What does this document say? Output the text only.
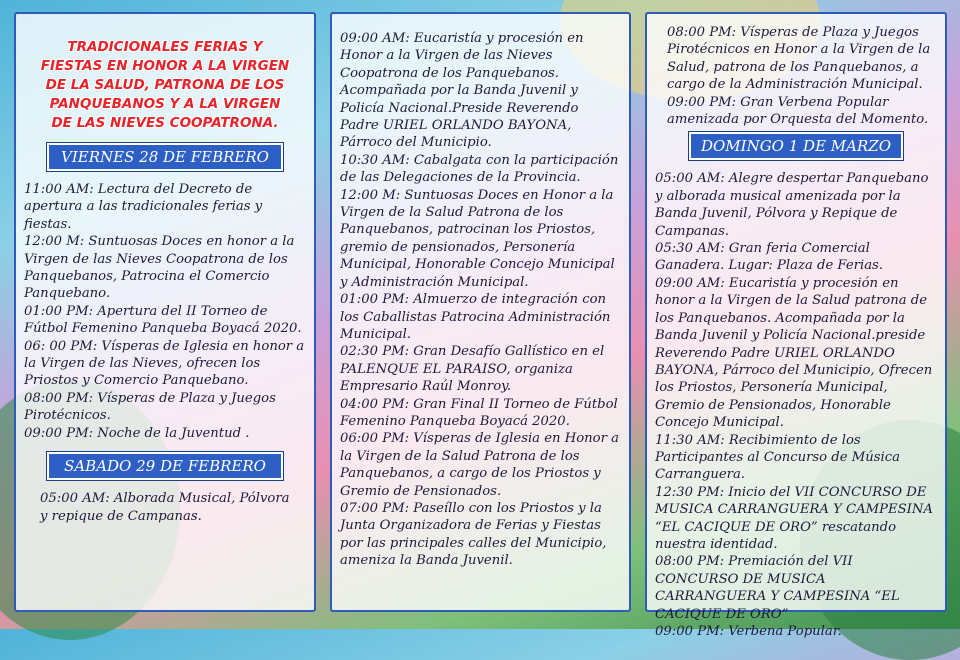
TRADICIONALES FERIAS Y FIESTAS EN HONOR A LA VIRGEN DE LA SALUD, PATRONA DE LOS PANQUEBANOS Y A LA VIRGEN DE LAS NIEVES COOPATRONA.
VIERNES 28 DE FEBRERO

11:00 AM: Lectura del Decreto de apertura a las tradicionales ferias y fiestas.

12:00 M: Suntuosas Doces en honor a la Virgen de las Nieves Coopatrona de los Panquebanos, Patrocina el Comercio Panquebano.

01:00 PM: Apertura del II Torneo de Fútbol Femenino Panqueba Boyacá 2020.

06: 00 PM: Vísperas de Iglesia en honor a la Virgen de las Nieves, ofrecen los Priostos y Comercio Panquebano.

08:00 PM: Vísperas de Plaza y Juegos Pirotécnicos.

09:00 PM: Noche de la Juventud .

SABADO 29 DE FEBRERO

05:00 AM: Alborada Musical, Pólvora y repique de Campanas.

09:00 AM: Eucaristía y procesión en Honor a la Virgen de las Nieves Coopatrona de los Panquebanos. Acompañada por la Banda Juvenil y Policía Nacional.Preside Reverendo Padre URIEL ORLANDO BAYONA, Párroco del Municipio.

10:30 AM: Cabalgata con la participación de las Delegaciones de la Provincia.

12:00 M: Suntuosas Doces en Honor a la Virgen de la Salud Patrona de los Panquebanos, patrocinan los Priostos, gremio de pensionados, Personería Municipal, Honorable Concejo Municipal y Administración Municipal.

01:00 PM: Almuerzo de integración con los Caballistas Patrocina Administración Municipal.

02:30 PM: Gran Desafío Gallístico en el PALENQUE EL PARAISO, organiza Empresario Raúl Monroy.

04:00 PM: Gran Final II Torneo de Fútbol Femenino Panqueba Boyacá 2020.

06:00 PM: Vísperas de Iglesia en Honor a la Virgen de la Salud Patrona de los Panquebanos, a cargo de los Priostos y Gremio de Pensionados.

07:00 PM: Paseíllo con los Priostos y la Junta Organizadora de Ferias y Fiestas por las principales calles del Municipio, ameniza la Banda Juvenil.

08:00 PM: Vísperas de Plaza y Juegos Pirotécnicos en Honor a la Virgen de la Salud, patrona de los Panquebanos, a cargo de la Administración Municipal.

09:00 PM: Gran Verbena Popular amenizada por Orquesta del Momento.

DOMINGO 1 DE MARZO

05:00 AM: Alegre despertar Panquebano y alborada musical amenizada por la Banda Juvenil, Pólvora y Repique de Campanas.

05:30 AM: Gran feria Comercial Ganadera. Lugar: Plaza de Ferias.

09:00 AM: Eucaristía y procesión en honor a la Virgen de la Salud patrona de los Panquebanos. Acompañada por la Banda Juvenil y Policía Nacional.preside Reverendo Padre URIEL ORLANDO BAYONA, Párroco del Municipio, Ofrecen los Priostos, Personería Municipal, Gremio de Pensionados, Honorable Concejo Municipal.

11:30 AM: Recibimiento de los Participantes al Concurso de Música Carranguera.

12:30 PM: Inicio del VII CONCURSO DE MUSICA CARRANGUERA Y CAMPESINA “EL CACIQUE DE ORO” rescatando nuestra identidad.

08:00 PM: Premiación del VII CONCURSO DE MUSICA CARRANGUERA Y CAMPESINA “EL CACIQUE DE ORO”

09:00 PM: Verbena Popular.
